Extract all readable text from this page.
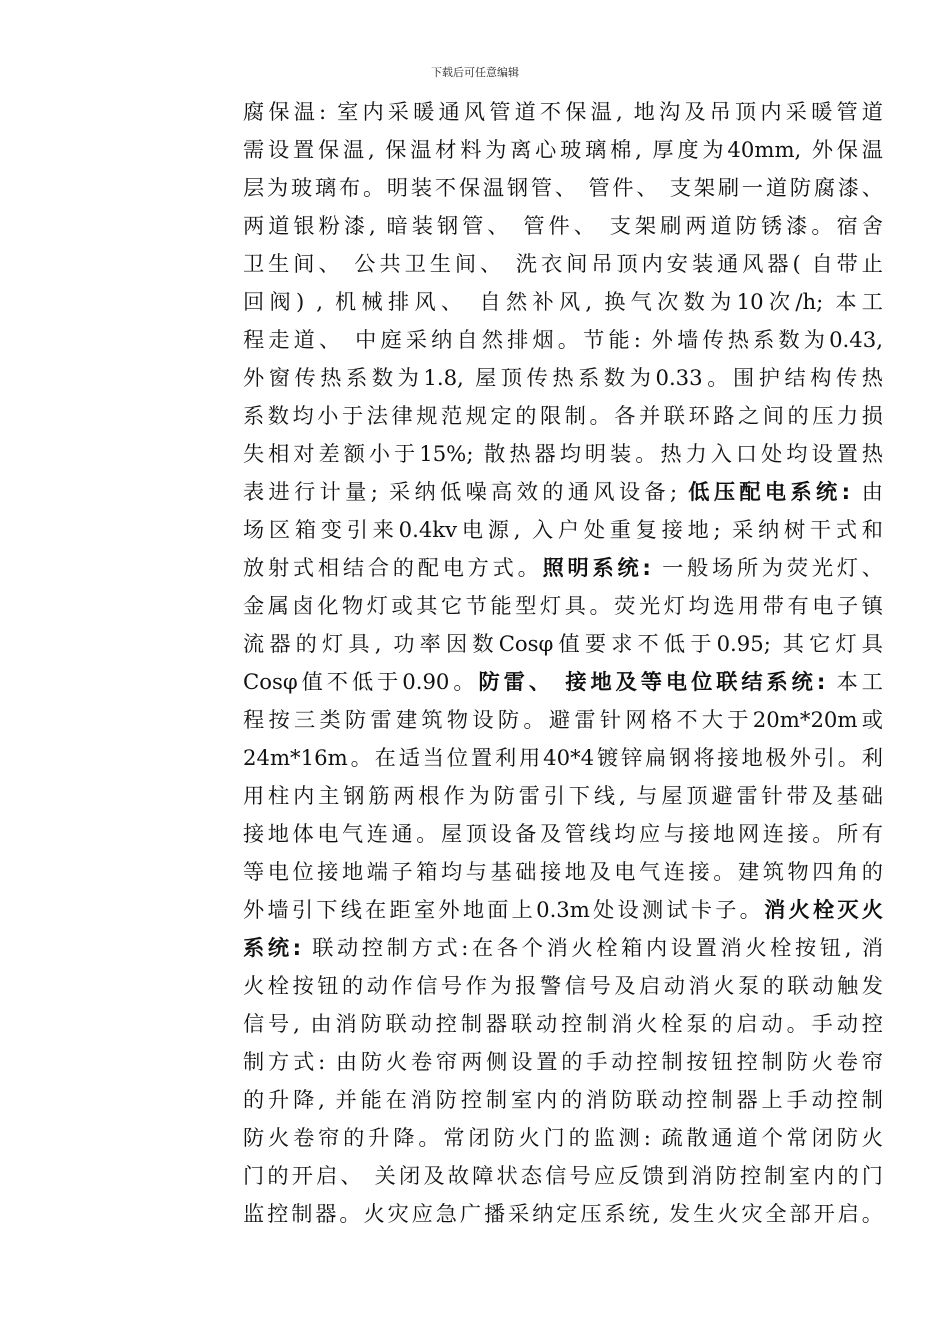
下载后可任意编辑
腐保温: 室内采暖通风管道不保温, 地沟及吊顶内采暖管道
需设置保温, 保温材料为离心玻璃棉, 厚度为40mm, 外保温
层为玻璃布。明装不保温钢管、 管件、 支架刷一道防腐漆、
两道银粉漆, 暗装钢管、 管件、 支架刷两道防锈漆。宿舍
卫生间、 公共卫生间、 洗衣间吊顶内安装通风器( 自带止
回阀) , 机械排风、 自然补风, 换气次数为10次/h; 本工
程走道、 中庭采纳自然排烟。节能: 外墙传热系数为0.43,
外窗传热系数为1.8, 屋顶传热系数为0.33。围护结构传热
系数均小于法律规范规定的限制。各并联环路之间的压力损
失相对差额小于15%; 散热器均明装。热力入口处均设置热
表进行计量; 采纳低噪高效的通风设备; 低压配电系统: 由
场区箱变引来0.4kv电源, 入户处重复接地; 采纳树干式和
放射式相结合的配电方式。照明系统: 一般场所为荧光灯、
金属卤化物灯或其它节能型灯具。荧光灯均选用带有电子镇
流器的灯具, 功率因数Cosφ值要求不低于0.95; 其它灯具
Cosφ值不低于0.90。防雷、 接地及等电位联结系统: 本工
程按三类防雷建筑物设防。避雷针网格不大于20m*20m或
24m*16m。在适当位置利用40*4镀锌扁钢将接地极外引。利
用柱内主钢筋两根作为防雷引下线, 与屋顶避雷针带及基础
接地体电气连通。屋顶设备及管线均应与接地网连接。所有
等电位接地端子箱均与基础接地及电气连接。建筑物四角的
外墙引下线在距室外地面上0.3m处设测试卡子。消火栓灭火
系统: 联动控制方式:在各个消火栓箱内设置消火栓按钮, 消
火栓按钮的动作信号作为报警信号及启动消火泵的联动触发
信号, 由消防联动控制器联动控制消火栓泵的启动。手动控
制方式: 由防火卷帘两侧设置的手动控制按钮控制防火卷帘
的升降, 并能在消防控制室内的消防联动控制器上手动控制
防火卷帘的升降。常闭防火门的监测: 疏散通道个常闭防火
门的开启、 关闭及故障状态信号应反馈到消防控制室内的门
监控制器。火灾应急广播采纳定压系统, 发生火灾全部开启。
